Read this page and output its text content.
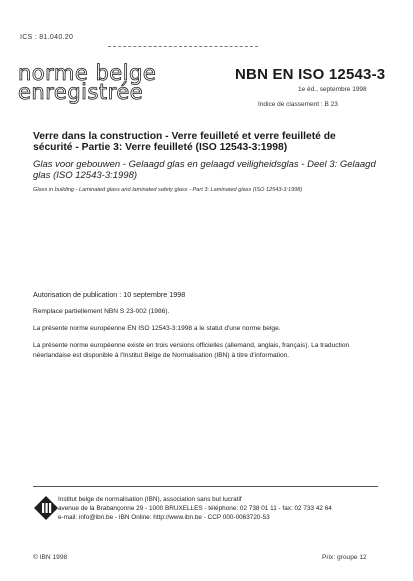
ICS : 81.040.20
norme belge
enregistrée
NBN EN ISO 12543-3
1e éd., septembre 1998
Indice de classement : B 23
Verre dans la construction - Verre feuilleté et verre feuilleté de sécurité - Partie 3: Verre feuilleté (ISO 12543-3:1998)
Glas voor gebouwen - Gelaagd glas en gelaagd veiligheidsglas - Deel 3: Gelaagd glas (ISO 12543-3:1998)
Glass in building - Laminated glass and laminated safety glass - Part 3: Laminated glass (ISO 12543-3:1998)
Autorisation de publication : 10 septembre 1998
Remplace partiellement NBN S 23-002 (1986).
La présente norme européenne EN ISO 12543-3:1998 a le statut d'une norme belge.
La présente norme européenne existe en trois versions officielles (allemand, anglais, français). La traduction néerlandaise est disponible à l'Institut Belge de Normalisation (IBN) à titre d'information.
Institut belge de normalisation (IBN), association sans but lucratif
avenue de la Brabançonne 29 - 1000 BRUXELLES - téléphone: 02 738 01 11 - fax: 02 733 42 64
e-mail: info@ibn.be - IBN Online: http://www.ibn.be - CCP 000-0063720-53
© IBN 1998	Prix: groupe 12
